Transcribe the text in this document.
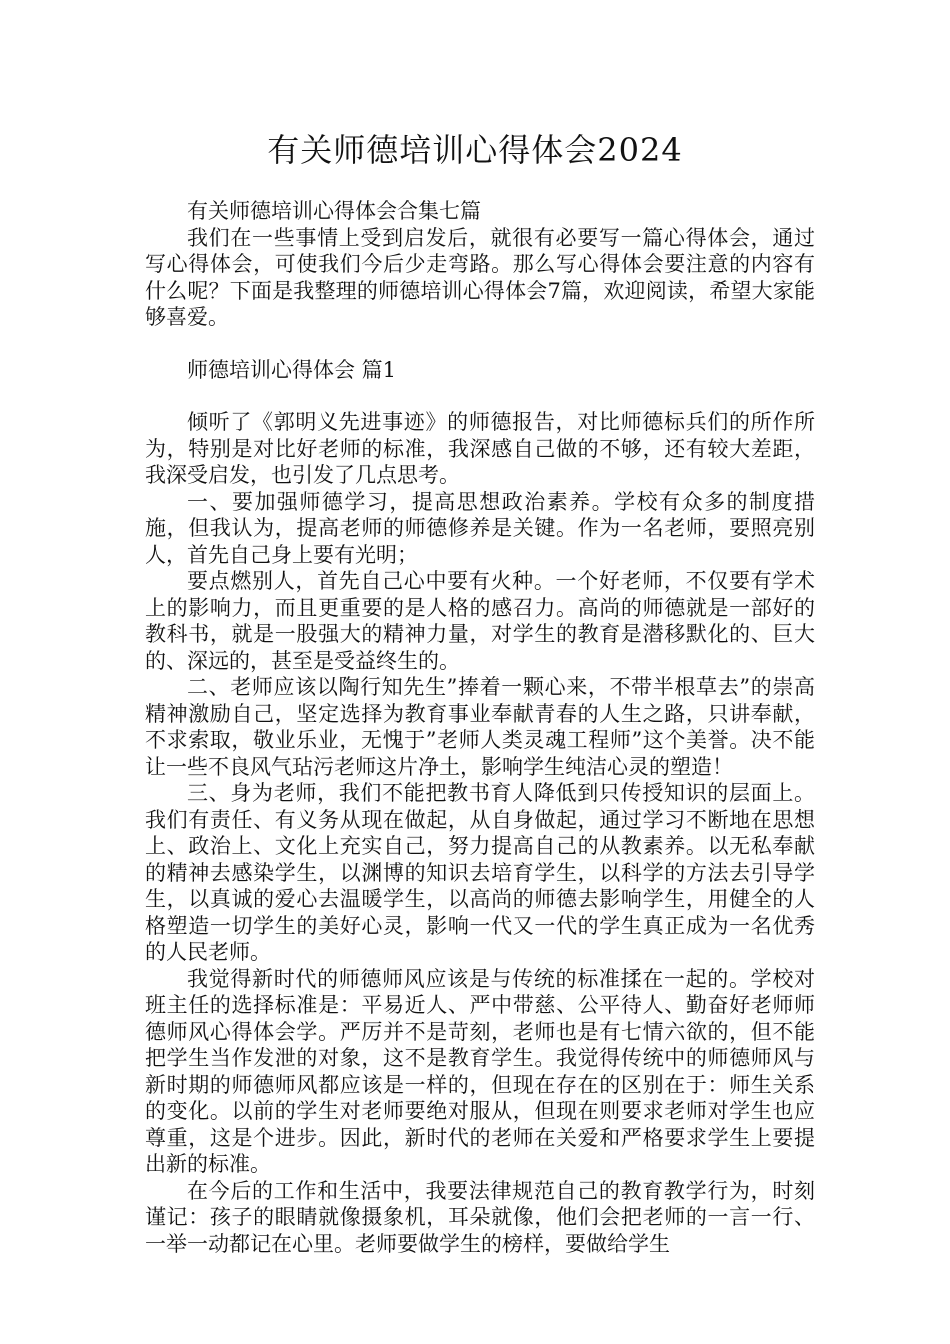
有关师德培训心得体会2024

有关师德培训心得体会合集七篇

我们在一些事情上受到启发后，就很有必要写一篇心得体会，通过写心得体会，可使我们今后少走弯路。那么写心得体会要注意的内容有什么呢？下面是我整理的师德培训心得体会7篇，欢迎阅读，希望大家能够喜爱。

师德培训心得体会 篇1

倾听了《郭明义先进事迹》的师德报告，对比师德标兵们的所作所为，特别是对比好老师的标准，我深感自己做的不够，还有较大差距，我深受启发，也引发了几点思考。

一、要加强师德学习，提高思想政治素养。学校有众多的制度措施，但我认为，提高老师的师德修养是关键。作为一名老师，要照亮别人，首先自己身上要有光明；

要点燃别人，首先自己心中要有火种。一个好老师，不仅要有学术上的影响力，而且更重要的是人格的感召力。高尚的师德就是一部好的教科书，就是一股强大的精神力量，对学生的教育是潜移默化的、巨大的、深远的，甚至是受益终生的。

二、老师应该以陶行知先生”捧着一颗心来，不带半根草去”的崇高精神激励自己，坚定选择为教育事业奉献青春的人生之路，只讲奉献，不求索取，敬业乐业，无愧于”老师人类灵魂工程师”这个美誉。决不能让一些不良风气玷污老师这片净土，影响学生纯洁心灵的塑造！

三、身为老师，我们不能把教书育人降低到只传授知识的层面上。我们有责任、有义务从现在做起，从自身做起，通过学习不断地在思想上、政治上、文化上充实自己，努力提高自己的从教素养。以无私奉献的精神去感染学生，以渊博的知识去培育学生，以科学的方法去引导学生，以真诚的爱心去温暖学生，以高尚的师德去影响学生，用健全的人格塑造一切学生的美好心灵，影响一代又一代的学生真正成为一名优秀的人民老师。

我觉得新时代的师德师风应该是与传统的标准揉在一起的。学校对班主任的选择标准是：平易近人、严中带慈、公平待人、勤奋好老师师德师风心得体会学。严厉并不是苛刻，老师也是有七情六欲的，但不能把学生当作发泄的对象，这不是教育学生。我觉得传统中的师德师风与新时期的师德师风都应该是一样的，但现在存在的区别在于：师生关系的变化。以前的学生对老师要绝对服从，但现在则要求老师对学生也应尊重，这是个进步。因此，新时代的老师在关爱和严格要求学生上要提出新的标准。

在今后的工作和生活中，我要法律规范自己的教育教学行为，时刻谨记：孩子的眼睛就像摄象机，耳朵就像，他们会把老师的一言一行、一举一动都记在心里。老师要做学生的榜样，要做给学生
